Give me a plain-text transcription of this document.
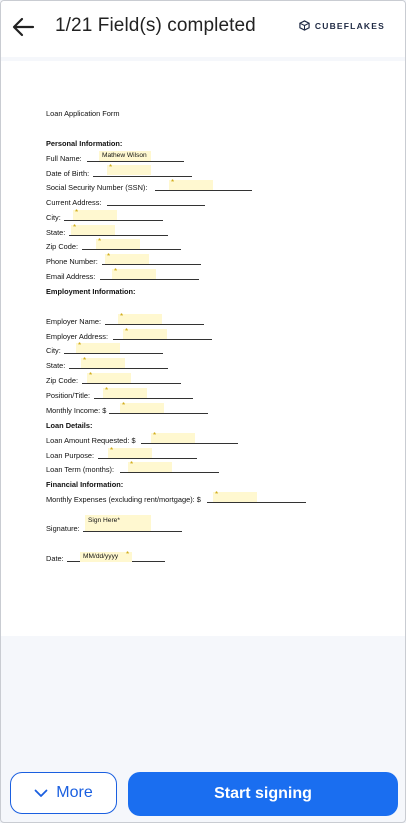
1/21 Field(s) completed	CUBEFLAKES
Loan Application Form
Personal Information:
Full Name:	Mathew Wilson
Date of Birth:
*
Social Security Number (SSN):
*
Current Address:
City:
*
State:
*
Zip Code:
*
Phone Number:
*
Email Address:
*
Employment Information:
Employer Name:
*
Employer Address:
*
City:
*
State:
*
Zip Code:
*
Position/Title:
*
Monthly Income: $
*
Loan Details:
Loan Amount Requested: $
*
Loan Purpose:
*
Loan Term (months):
*
Financial Information:
Monthly Expenses (excluding rent/mortgage): $
*
Signature:
Sign Here*
Date:	MM/dd/yyyy *
More	Start signing
